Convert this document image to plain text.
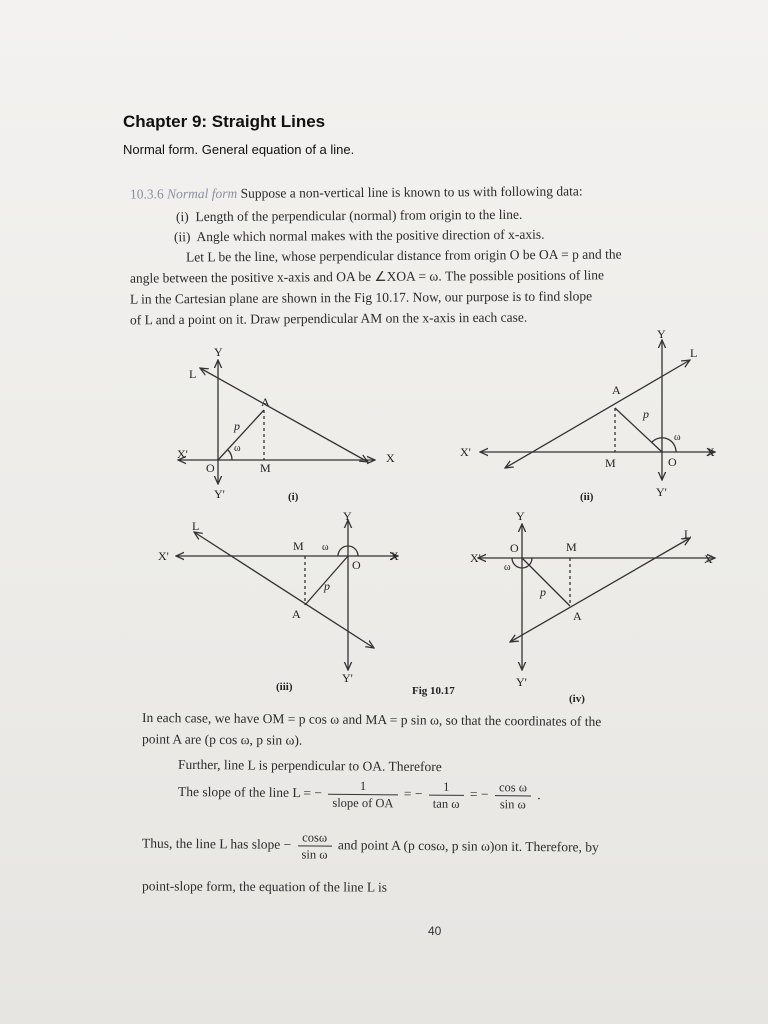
Chapter 9: Straight Lines
Normal form. General equation of a line.
10.3.6 Normal form Suppose a non-vertical line is known to us with following data:
(i) Length of the perpendicular (normal) from origin to the line.
(ii) Angle which normal makes with the positive direction of x-axis.
Let L be the line, whose perpendicular distance from origin O be OA = p and the
angle between the positive x-axis and OA be ∠XOA = ω. The possible positions of line
L in the Cartesian plane are shown in the Fig 10.17. Now, our purpose is to find slope
of L and a point on it. Draw perpendicular AM on the x-axis in each case.
X'	X
Y
Y'
O
L
A
M
p
ω
(i)
X'	X
Y
Y'
O
L
A
M
p
ω
(ii)
X'	X
Y
Y'
O
L
A
M
p
ω
(iii)
X'	X
Y
Y'
O
L
A
M
p
ω
(iv)
Fig 10.17
In each case, we have OM = p cos ω and MA = p sin ω, so that the coordinates of the
point A are (p cos ω, p sin ω).
Further, line L is perpendicular to OA. Therefore
The slope of the line L = − $\frac{1}{\text{slope of OA}}$ = − $\frac{1}{\text{tan ω}}$ = − $\frac{\text{cos ω}}{\text{sin ω}}$ .
Thus, the line L has slope − $\frac{\cos\omega}{\text{sin ω}}$ and point A (p cosω, p sin ω)on it. Therefore, by
point-slope form, the equation of the line L is
40
